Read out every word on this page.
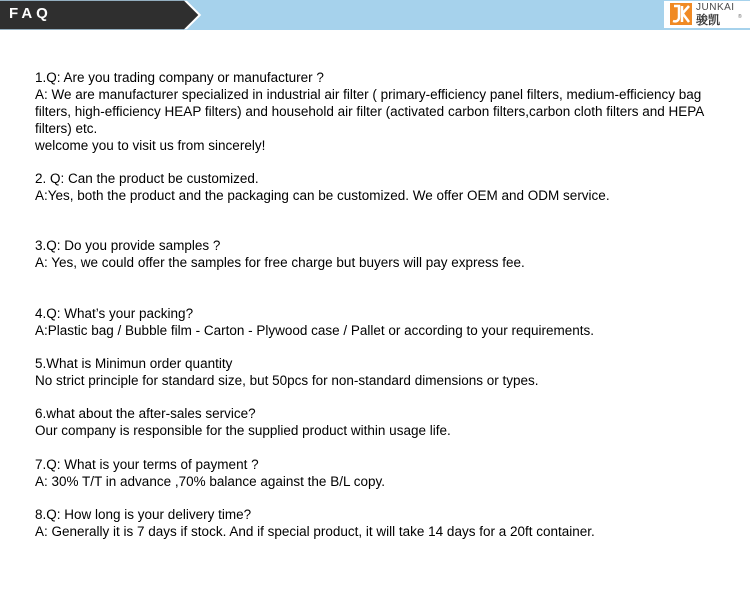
FAQ	JUNKAI
骏凯	®
1.Q: Are you trading company or manufacturer ?
A: We are manufacturer specialized in industrial air filter ( primary-efficiency panel filters, medium-efficiency bag filters, high-efficiency HEAP filters) and household air filter (activated carbon filters,carbon cloth filters and HEPA filters) etc.
welcome you to visit us from sincerely!
2. Q: Can the product be customized.
A:Yes, both the product and the packaging can be customized. We offer OEM and ODM service.
3.Q: Do you provide samples ?
A: Yes, we could offer the samples for free charge but buyers will pay express fee.
4.Q: What’s your packing?
A:Plastic bag / Bubble film - Carton - Plywood case / Pallet or according to your requirements.
5.What is Minimun order quantity
No strict principle for standard size, but 50pcs for non-standard dimensions or types.
6.what about the after-sales service?
Our company is responsible for the supplied product within usage life.
7.Q: What is your terms of payment ?
A: 30% T/T in advance ,70% balance against the B/L copy.
8.Q: How long is your delivery time?
A: Generally it is 7 days if stock. And if special product, it will take 14 days for a 20ft container.
